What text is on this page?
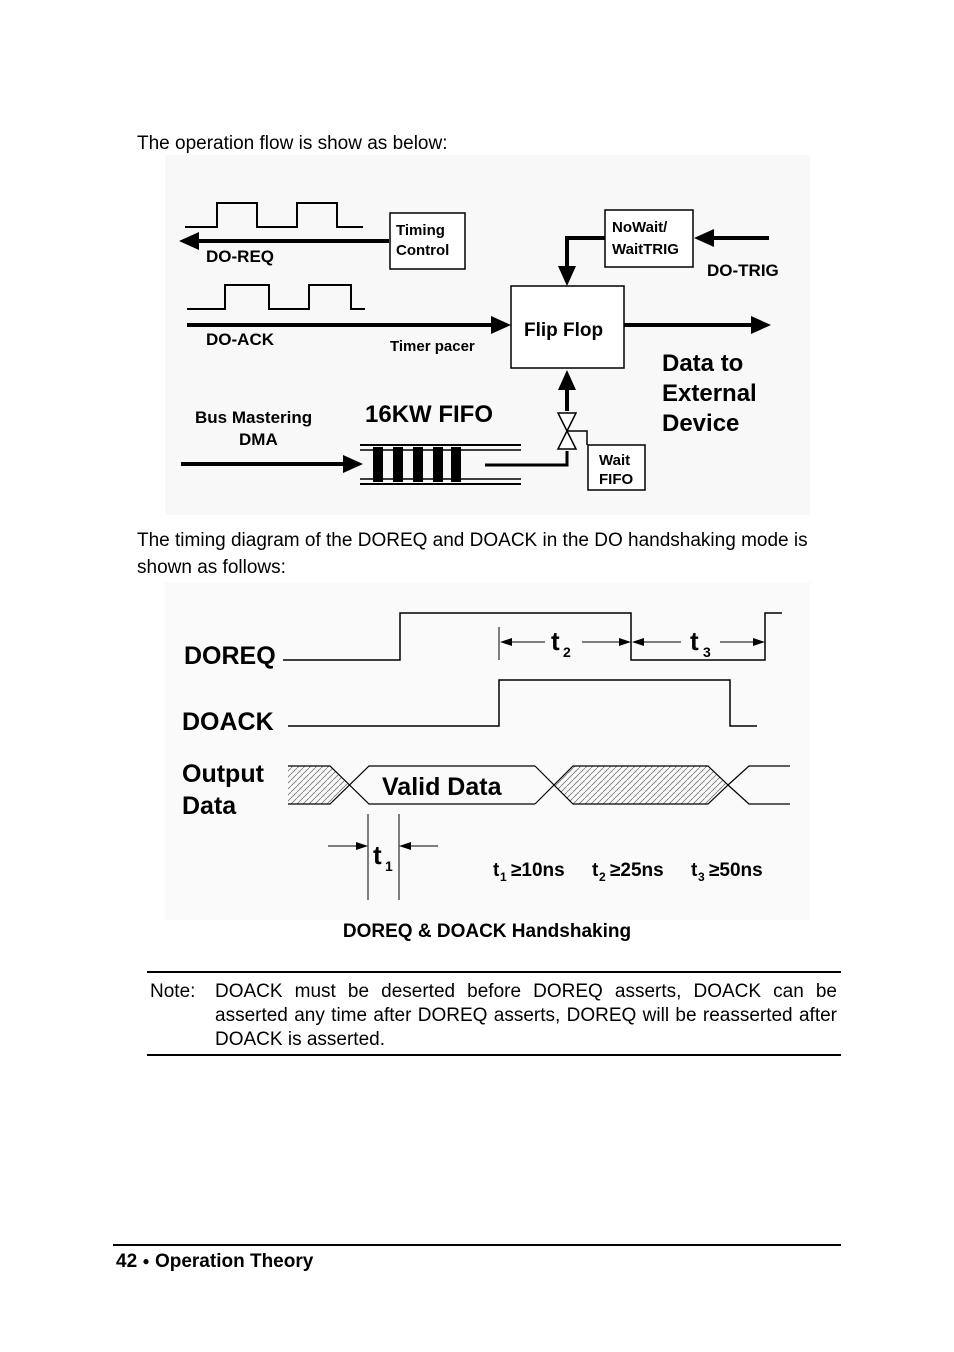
The operation flow is show as below:
DO-REQ
Timing
Control
DO-ACK	Timer pacer
Flip Flop
NoWait/
WaitTRIG
DO-TRIG
Data to
External
Device
Bus Mastering
DMA
16KW FIFO
Wait
FIFO
The timing diagram of the DOREQ and DOACK in the DO handshaking mode is shown as follows:
DOREQ
DOACK
Output
Data
Valid Data
t 2	t 3
t 1	t 1 ≥10ns t 2 ≥25ns t 3 ≥50ns
DOREQ & DOACK Handshaking
Note:	DOACK must be deserted before DOREQ asserts, DOACK can be asserted any time after DOREQ asserts, DOREQ will be reasserted after DOACK is asserted.
42 ● Operation Theory
